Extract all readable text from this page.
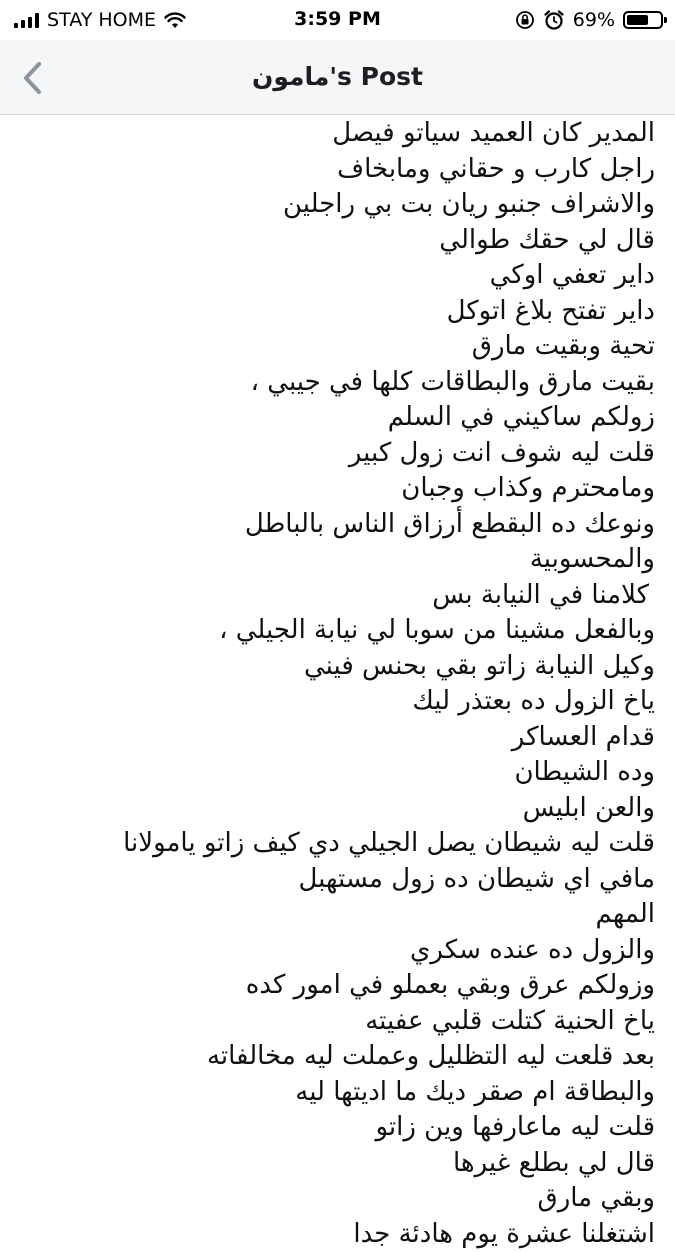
STAY HOME	3:59 PM	69%
مامون's Post
المدير كان العميد سياتو فيصل
راجل كارب و حقاني ومابخاف
والاشراف جنبو ريان بت بي راجلين
قال لي حقك طوالي
داير تعفي اوكي
داير تفتح بلاغ اتوكل
تحية وبقيت مارق
بقيت مارق والبطاقات كلها في جيبي ،
زولكم ساكيني في السلم
قلت ليه شوف انت زول كبير
ومامحترم وكذاب وجبان
ونوعك ده البقطع أرزاق الناس بالباطل
والمحسوبية
كلامنا في النيابة بس
وبالفعل مشينا من سوبا لي نيابة الجيلي ،
وكيل النيابة زاتو بقي بحنس فيني
ياخ الزول ده بعتذر ليك
قدام العساكر
وده الشيطان
والعن ابليس
قلت ليه شيطان يصل الجيلي دي كيف زاتو يامولانا
مافي اي شيطان ده زول مستهبل
المهم
والزول ده عنده سكري
وزولكم عرق وبقي بعملو في امور كده
ياخ الحنية كتلت قلبي عفيته
بعد قلعت ليه التظليل وعملت ليه مخالفاته
والبطاقة ام صقر ديك ما اديتها ليه
قلت ليه ماعارفها وين زاتو
قال لي بطلع غيرها
وبقي مارق
اشتغلنا عشرة يوم هادئة جدا
